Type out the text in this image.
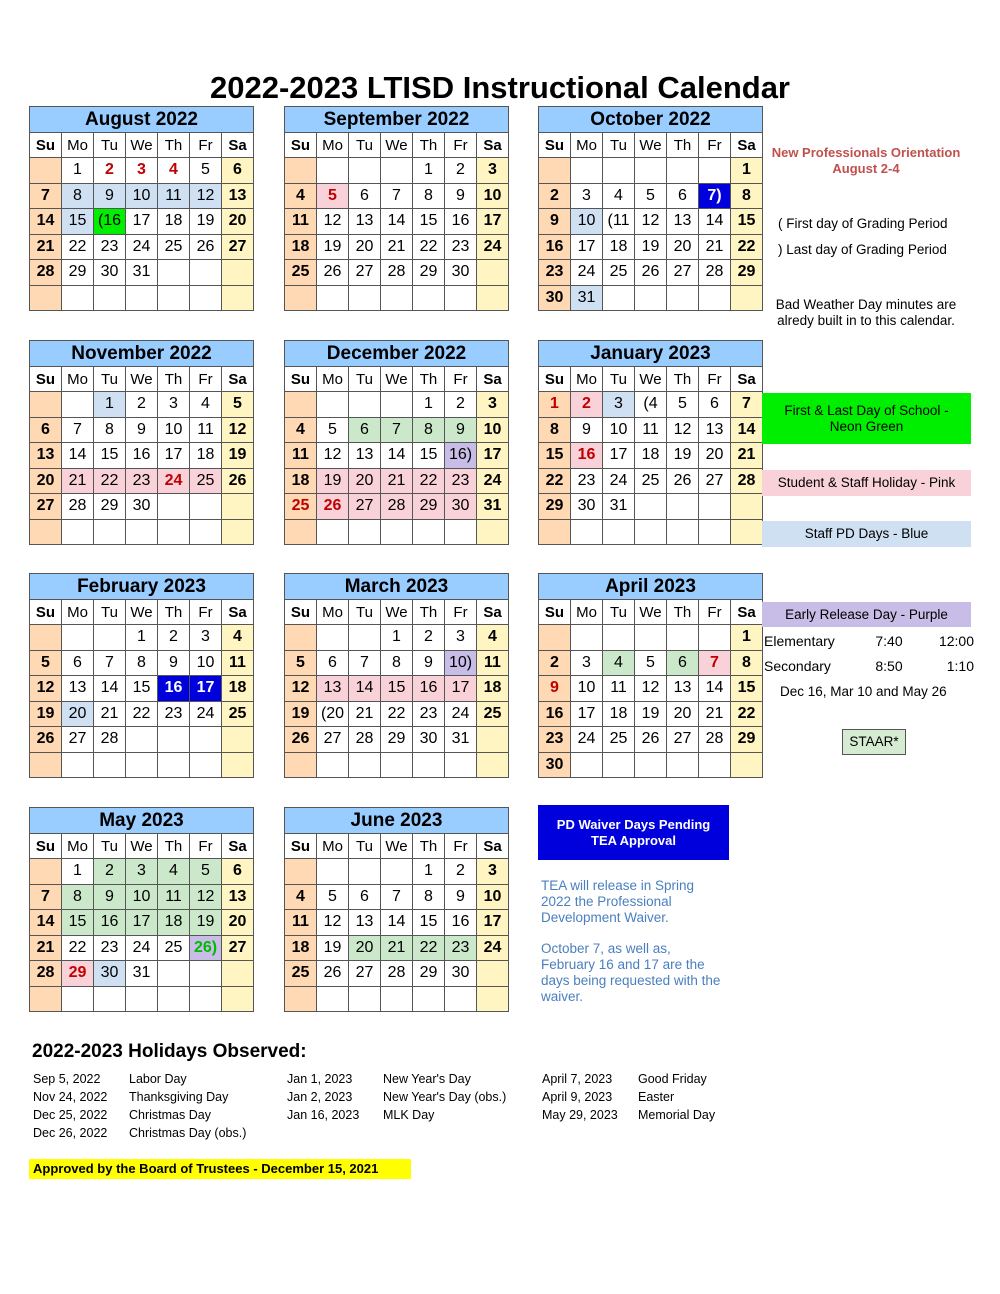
2022-2023 LTISD Instructional Calendar
August 2022						
Su	Mo	Tu	We	Th	Fr	Sa
	1	2	3	4	5	6
7	8	9	10	11	12	13
14	15	(16	17	18	19	20
21	22	23	24	25	26	27
28	29	30	31			

September 2022						
Su	Mo	Tu	We	Th	Fr	Sa
				1	2	3
4	5	6	7	8	9	10
11	12	13	14	15	16	17
18	19	20	21	22	23	24
25	26	27	28	29	30	

October 2022						
Su	Mo	Tu	We	Th	Fr	Sa
						1
2	3	4	5	6	7)	8
9	10	(11	12	13	14	15
16	17	18	19	20	21	22
23	24	25	26	27	28	29
30	31					
November 2022						
Su	Mo	Tu	We	Th	Fr	Sa
		1	2	3	4	5
6	7	8	9	10	11	12
13	14	15	16	17	18	19
20	21	22	23	24	25	26
27	28	29	30			

December 2022						
Su	Mo	Tu	We	Th	Fr	Sa
				1	2	3
4	5	6	7	8	9	10
11	12	13	14	15	16)	17
18	19	20	21	22	23	24
25	26	27	28	29	30	31

January 2023						
Su	Mo	Tu	We	Th	Fr	Sa
1	2	3	(4	5	6	7
8	9	10	11	12	13	14
15	16	17	18	19	20	21
22	23	24	25	26	27	28
29	30	31				

February 2023						
Su	Mo	Tu	We	Th	Fr	Sa
			1	2	3	4
5	6	7	8	9	10	11
12	13	14	15	16	17	18
19	20	21	22	23	24	25
26	27	28				

March 2023						
Su	Mo	Tu	We	Th	Fr	Sa
			1	2	3	4
5	6	7	8	9	10)	11
12	13	14	15	16	17	18
19	(20	21	22	23	24	25
26	27	28	29	30	31	

April 2023						
Su	Mo	Tu	We	Th	Fr	Sa
						1
2	3	4	5	6	7	8
9	10	11	12	13	14	15
16	17	18	19	20	21	22
23	24	25	26	27	28	29
30						
May 2023						
Su	Mo	Tu	We	Th	Fr	Sa
	1	2	3	4	5	6
7	8	9	10	11	12	13
14	15	16	17	18	19	20
21	22	23	24	25	26)	27
28	29	30	31			

June 2023						
Su	Mo	Tu	We	Th	Fr	Sa
				1	2	3
4	5	6	7	8	9	10
11	12	13	14	15	16	17
18	19	20	21	22	23	24
25	26	27	28	29	30	

New Professionals Orientation
August 2-4
( First day of Grading Period
) Last day of Grading Period
Bad Weather Day minutes are
alredy built in to this calendar.
First & Last Day of School -
Neon Green
Student & Staff Holiday - Pink
Staff PD Days - Blue
Early Release Day - Purple
Elementary	7:40	12:00
Secondary	8:50	1:10
Dec 16, Mar 10 and May 26
STAAR*
PD Waiver Days Pending
TEA Approval
TEA will release in Spring
2022 the Professional
Development Waiver.
October 7, as well as,
February 16 and 17 are the
days being requested with the
waiver.
2022-2023 Holidays Observed:
Sep 5, 2022	Labor Day
Nov 24, 2022	Thanksgiving Day
Dec 25, 2022	Christmas Day
Dec 26, 2022	Christmas Day (obs.)
Jan 1, 2023	New Year's Day
Jan 2, 2023	New Year's Day (obs.)
Jan 16, 2023	MLK Day
April 7, 2023	Good Friday
April 9, 2023	Easter
May 29, 2023	Memorial Day
Approved by the Board of Trustees - December 15, 2021
